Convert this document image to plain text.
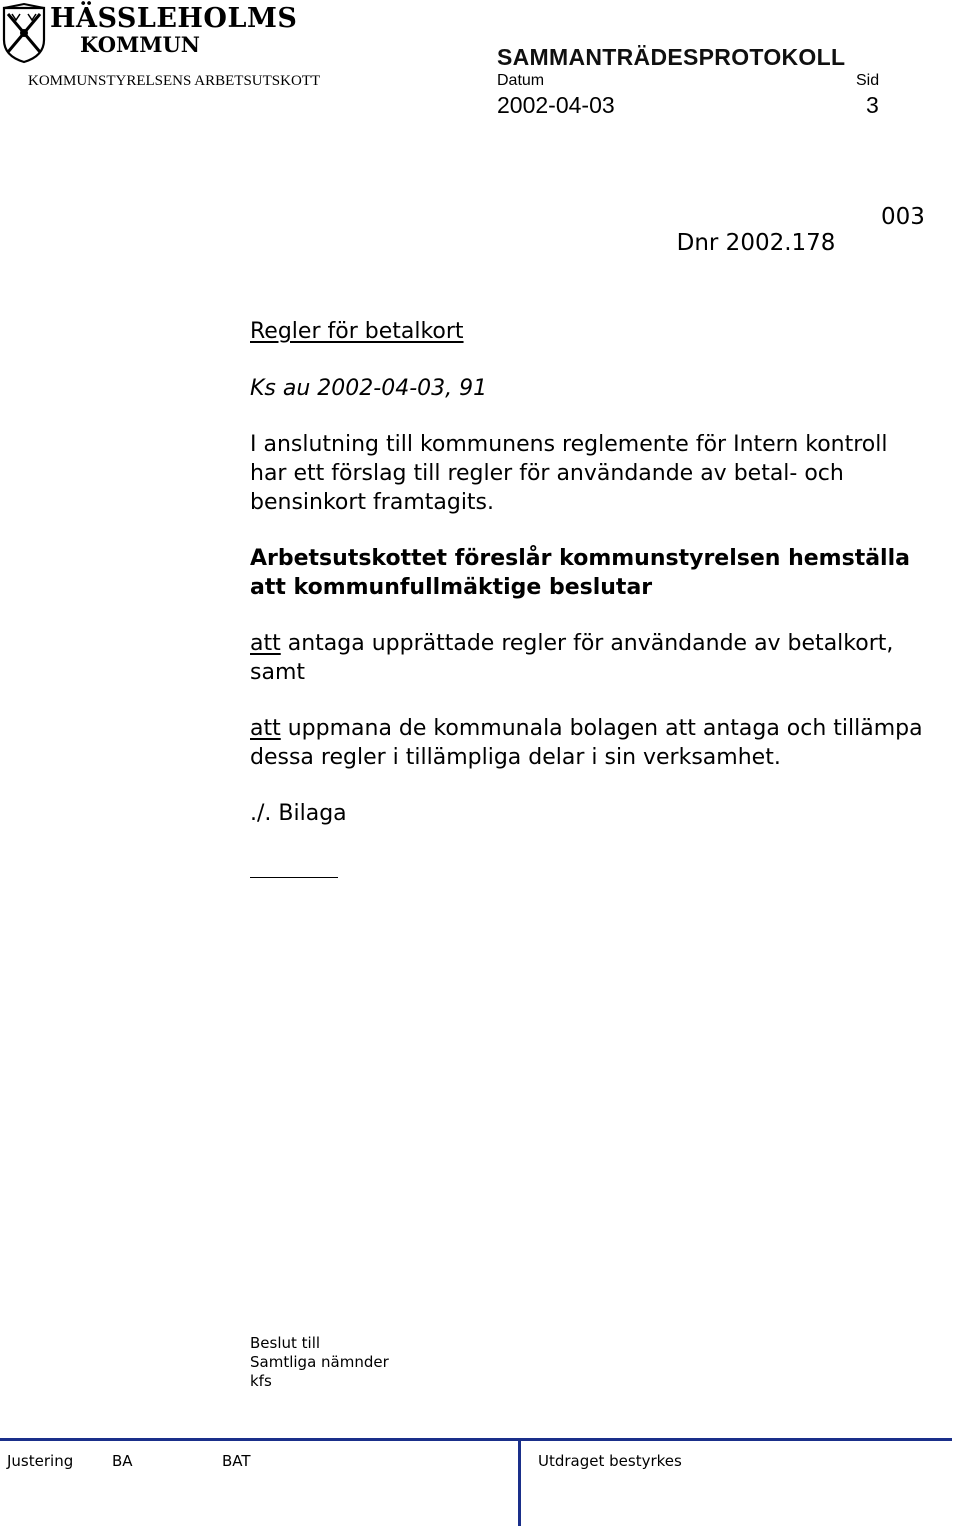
HÄSSLEHOLMS
KOMMUN
KOMMUNSTYRELSENS ARBETSUTSKOTT
SAMMANTRÄDESPROTOKOLL
Datum	Sid
2002-04-03	3

Dnr 2002.178
003

Regler för betalkort
Ks au 2002-04-03, 91
I anslutning till kommunens reglemente för Intern kontroll
har ett förslag till regler för användande av betal- och
bensinkort framtagits.
Arbetsutskottet föreslår kommunstyrelsen hemställa
att kommunfullmäktige beslutar
att antaga upprättade regler för användande av betalkort,
samt
att uppmana de kommunala bolagen att antaga och tillämpa
dessa regler i tillämpliga delar i sin verksamhet.
./. Bilaga
Beslut till
Samtliga nämnder
kfs
Justering	BA	BAT	Utdraget bestyrkes
